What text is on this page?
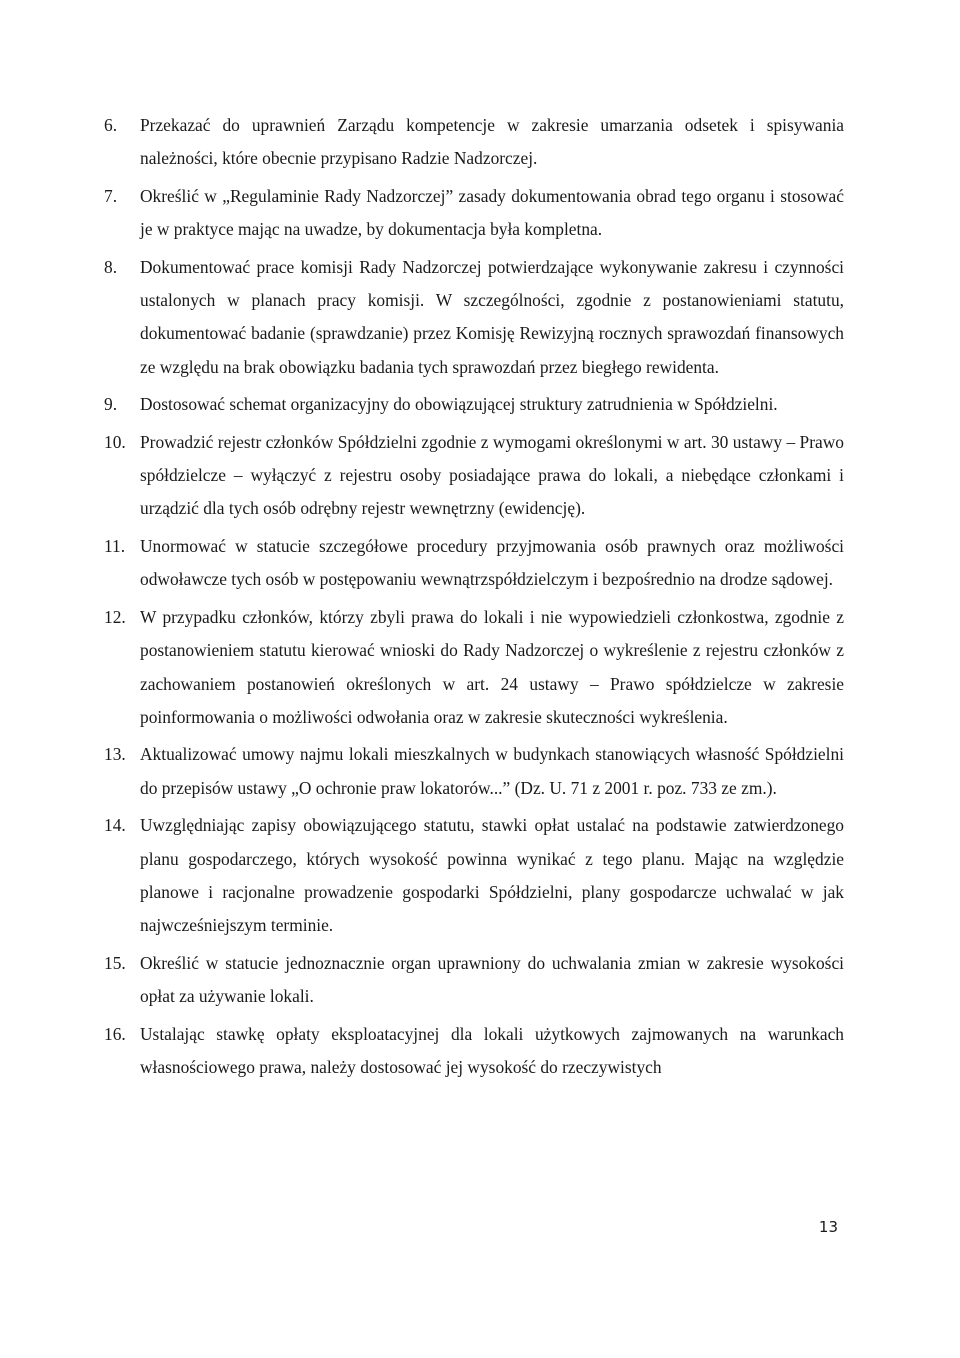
6.	Przekazać do uprawnień Zarządu kompetencje w zakresie umarzania odsetek i spisywania należności, które obecnie przypisano Radzie Nadzorczej.
7.	Określić w „Regulaminie Rady Nadzorczej” zasady dokumentowania obrad tego organu i stosować je w praktyce mając na uwadze, by dokumentacja była kompletna.
8.	Dokumentować prace komisji Rady Nadzorczej potwierdzające wykonywanie zakresu i czynności ustalonych w planach pracy komisji. W szczególności, zgodnie z postanowieniami statutu, dokumentować badanie (sprawdzanie) przez Komisję Rewizyjną rocznych sprawozdań finansowych ze względu na brak obowiązku badania tych sprawozdań przez biegłego rewidenta.
9.	Dostosować schemat organizacyjny do obowiązującej struktury zatrudnienia w Spółdzielni.
10. Prowadzić rejestr członków Spółdzielni zgodnie z wymogami określonymi w art. 30 ustawy – Prawo spółdzielcze – wyłączyć z rejestru osoby posiadające prawa do lokali, a niebędące członkami i urządzić dla tych osób odrębny rejestr wewnętrzny (ewidencję).
11. Unormować w statucie szczegółowe procedury przyjmowania osób prawnych oraz możliwości odwoławcze tych osób w postępowaniu wewnątrzspółdzielczym i bezpośrednio na drodze sądowej.
12. W przypadku członków, którzy zbyli prawa do lokali i nie wypowiedzieli członkostwa, zgodnie z postanowieniem statutu kierować wnioski do Rady Nadzorczej o wykreślenie z rejestru członków z zachowaniem postanowień określonych w art. 24 ustawy – Prawo spółdzielcze w zakresie poinformowania o możliwości odwołania oraz w zakresie skuteczności wykreślenia.
13. Aktualizować umowy najmu lokali mieszkalnych w budynkach stanowiących własność Spółdzielni do przepisów ustawy „O ochronie praw lokatorów...” (Dz. U. 71 z 2001 r. poz. 733 ze zm.).
14. Uwzględniając zapisy obowiązującego statutu, stawki opłat ustalać na podstawie zatwierdzonego planu gospodarczego, których wysokość powinna wynikać z tego planu. Mając na względzie planowe i racjonalne prowadzenie gospodarki Spółdzielni, plany gospodarcze uchwalać w jak najwcześniejszym terminie.
15. Określić w statucie jednoznacznie organ uprawniony do uchwalania zmian w zakresie wysokości opłat za używanie lokali.
16. Ustalając stawkę opłaty eksploatacyjnej dla lokali użytkowych zajmowanych na warunkach własnościowego prawa, należy dostosować jej wysokość do rzeczywistych
13
